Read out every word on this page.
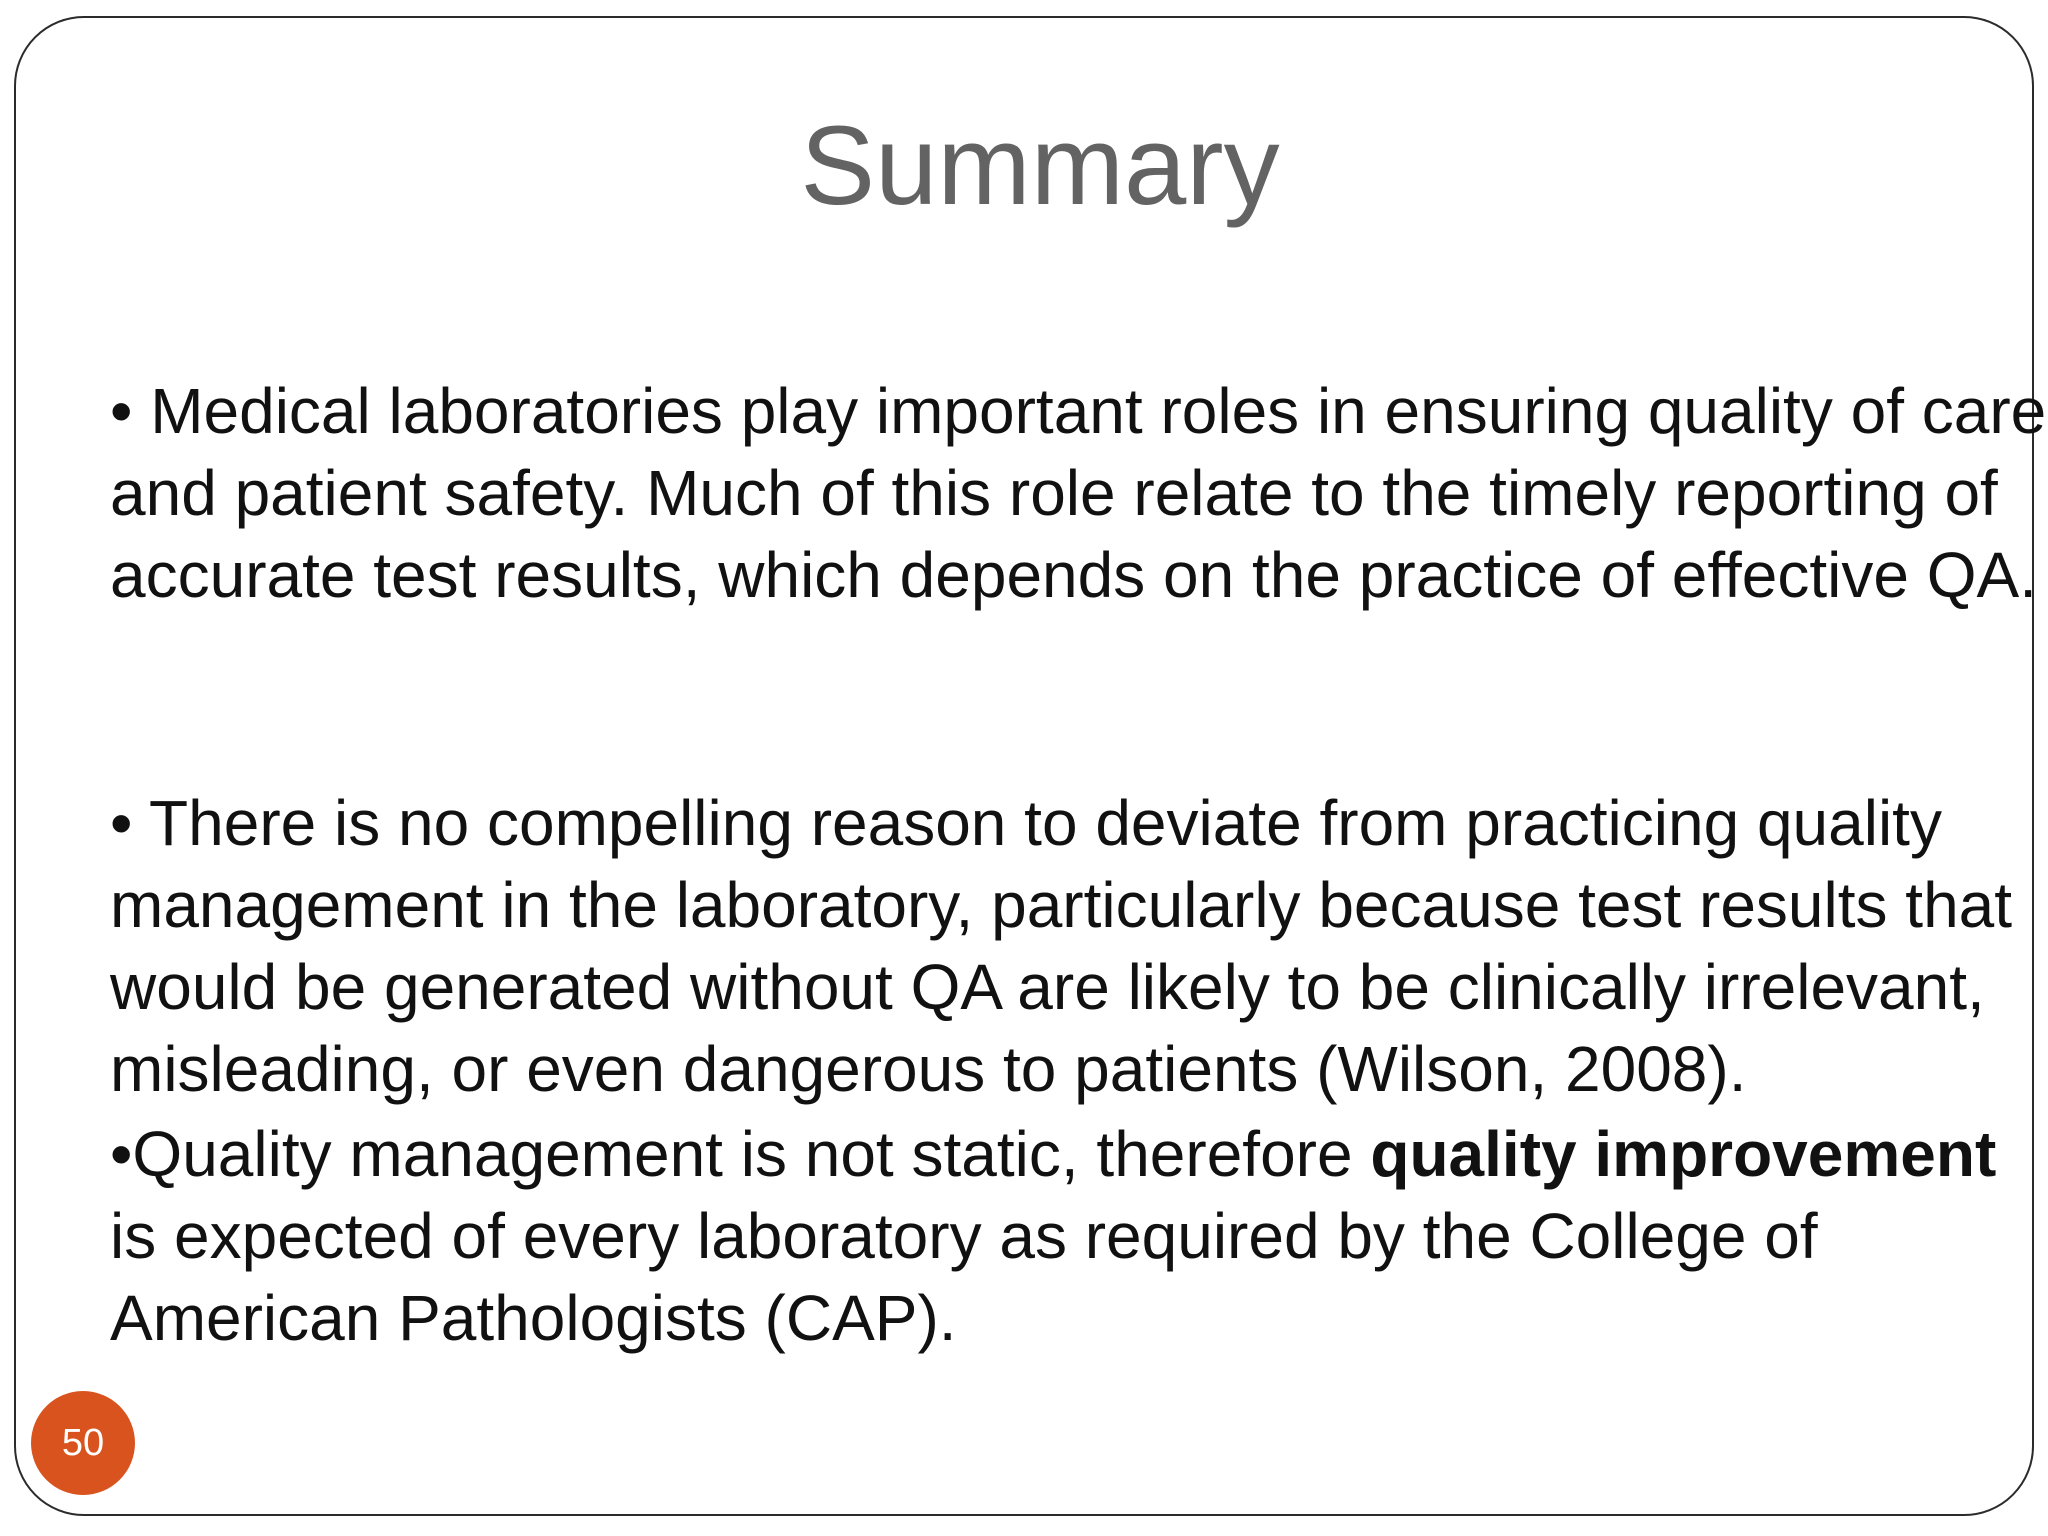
Summary

• Medical laboratories play important roles in ensuring quality of care and patient safety. Much of this role relate to the timely reporting of accurate test results, which depends on the practice of effective QA.

• There is no compelling reason to deviate from practicing quality management in the laboratory, particularly because test results that would be generated without QA are likely to be clinically irrelevant, misleading, or even dangerous to patients (Wilson, 2008).

•Quality management is not static, therefore quality improvement is expected of every laboratory as required by the College of American Pathologists (CAP).

50
